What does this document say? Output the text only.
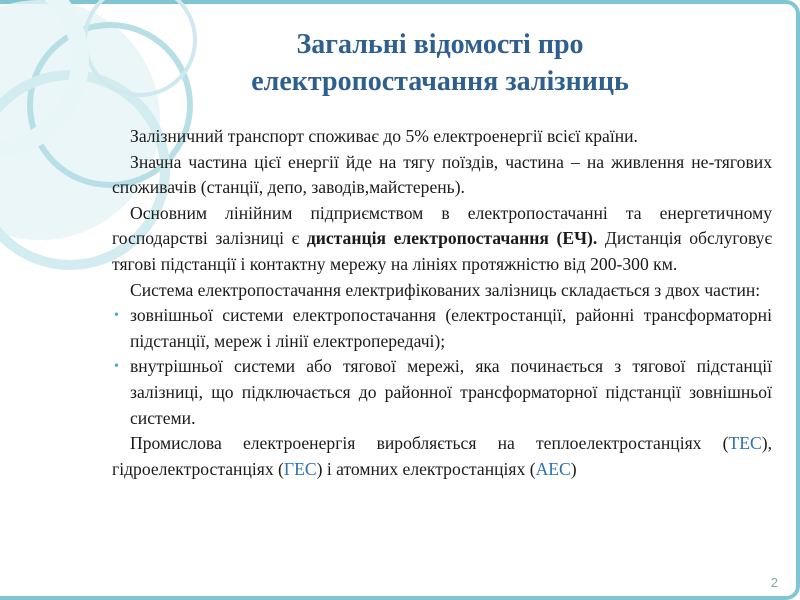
Загальні відомості про
електропостачання залізниць

Залізничний транспорт споживає до 5% електроенергії всієї країни.

Значна частина цієї енергії йде на тягу поїздів, частина – на живлення не-тягових споживачів (станції, депо, заводів,майстерень).

Основним лінійним підприємством в електропостачанні та енергетичному господарстві залізниці є дистанція електропостачання (ЕЧ). Дистанція обслуговує тягові підстанції і контактну мережу на лініях протяжністю від 200-300 км.

Система електропостачання електрифікованих залізниць складається з двох частин:

• зовнішньої системи електропостачання (електростанції, районні трансформаторні підстанції, мереж і лінії електропередачі);
• внутрішньої системи або тягової мережі, яка починається з тягової підстанції залізниці, що підключається до районної трансформаторної підстанції зовнішньої системи.

Промислова електроенергія виробляється на теплоелектростанціях (ТЕС), гідроелектростанціях (ГЕС) і атомних електростанціях (АЕС)

2
